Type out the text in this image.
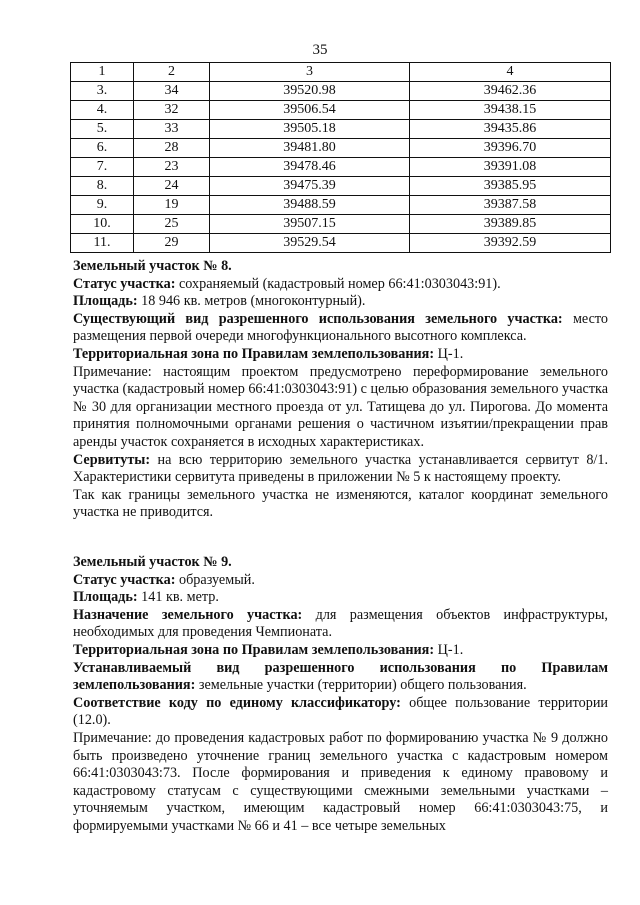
35
1	2	3	4
3.	34	39520.98	39462.36
4.	32	39506.54	39438.15
5.	33	39505.18	39435.86
6.	28	39481.80	39396.70
7.	23	39478.46	39391.08
8.	24	39475.39	39385.95
9.	19	39488.59	39387.58
10.	25	39507.15	39389.85
11.	29	39529.54	39392.59

Земельный участок № 8.

Статус участка: сохраняемый (кадастровый номер 66:41:0303043:91).

Площадь: 18 946 кв. метров (многоконтурный).

Существующий вид разрешенного использования земельного участка: место размещения первой очереди многофункционального высотного комплекса.

Территориальная зона по Правилам землепользования: Ц-1.

Примечание: настоящим проектом предусмотрено переформирование земельного участка (кадастровый номер 66:41:0303043:91) с целью образования земельного участка № 30 для организации местного проезда от ул. Татищева до ул. Пирогова. До момента принятия полномочными органами решения о частичном изъятии/прекращении прав аренды участок сохраняется в исходных характеристиках.

Сервитуты: на всю территорию земельного участка устанавливается сервитут 8/1. Характеристики сервитута приведены в приложении № 5 к настоящему проекту.

Так как границы земельного участка не изменяются, каталог координат земельного участка не приводится.

Земельный участок № 9.

Статус участка: образуемый.

Площадь: 141 кв. метр.

Назначение земельного участка: для размещения объектов инфраструктуры, необходимых для проведения Чемпионата.

Территориальная зона по Правилам землепользования: Ц-1.

Устанавливаемый вид разрешенного использования по Правилам землепользования: земельные участки (территории) общего пользования.

Соответствие коду по единому классификатору: общее пользование территории (12.0).

Примечание: до проведения кадастровых работ по формированию участка № 9 должно быть произведено уточнение границ земельного участка с кадастровым номером 66:41:0303043:73. После формирования и приведения к единому правовому и кадастровому статусам с существующими смежными земельными участками – уточняемым участком, имеющим кадастровый номер 66:41:0303043:75, и формируемыми участками № 66 и 41 – все четыре земельных
